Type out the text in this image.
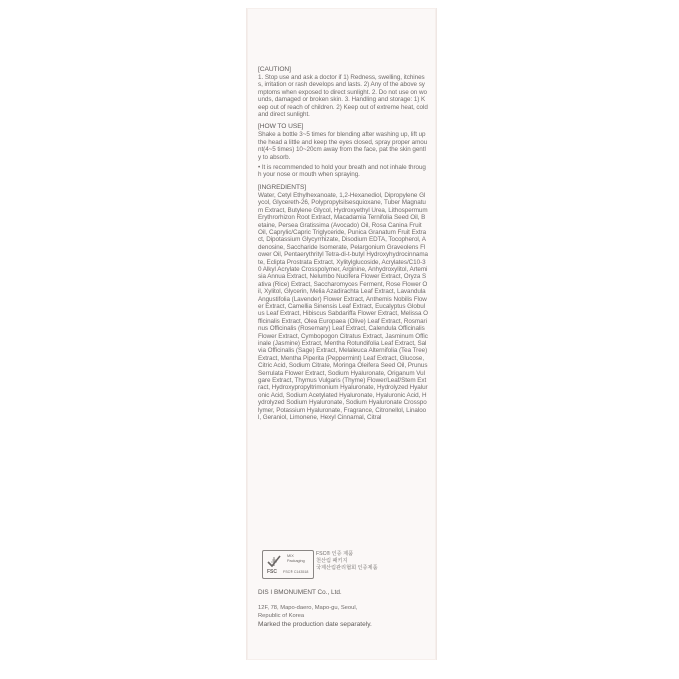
[CAUTION]

1. Stop use and ask a doctor if 1) Redness, swelling, itchiness, irritation or rash develops and lasts. 2) Any of the above symptoms when exposed to direct sunlight. 2. Do not use on wounds, damaged or broken skin. 3. Handling and storage: 1) Keep out of reach of children. 2) Keep out of extreme heat, cold and direct sunlight.

[HOW TO USE]

Shake a bottle 3~5 times for blending after washing up, lift up the head a little and keep the eyes closed, spray proper amount(4~5 times) 10~20cm away from the face, pat the skin gently to absorb.

• It is recommended to hold your breath and not inhale through your nose or mouth when spraying.

[INGREDIENTS]

Water, Cetyl Ethylhexanoate, 1,2-Hexanediol, Dipropylene Glycol, Glycereth-26, Polypropylsilsesquioxane, Tuber Magnatum Extract, Butylene Glycol, Hydroxyethyl Urea, Lithospermum Erythrorhizon Root Extract, Macadamia Ternifolia Seed Oil, Betaine, Persea Gratissima (Avocado) Oil, Rosa Canina Fruit Oil, Caprylic/Capric Triglyceride, Punica Granatum Fruit Extract, Dipotassium Glycyrrhizate, Disodium EDTA, Tocopherol, Adenosine, Saccharide Isomerate, Pelargonium Graveolens Flower Oil, Pentaerythrityl Tetra-di-t-butyl Hydroxyhydrocinnamate, Eclipta Prostrata Extract, Xylitylglucoside, Acrylates/C10-30 Alkyl Acrylate Crosspolymer, Arginine, Anhydroxylitol, Artemisia Annua Extract, Nelumbo Nucifera Flower Extract, Oryza Sativa (Rice) Extract, Saccharomyces Ferment, Rose Flower Oil, Xylitol, Glycerin, Melia Azadirachta Leaf Extract, Lavandula Angustifolia (Lavender) Flower Extract, Anthemis Nobilis Flower Extract, Camellia Sinensis Leaf Extract, Eucalyptus Globulus Leaf Extract, Hibiscus Sabdariffa Flower Extract, Melissa Officinalis Extract, Olea Europaea (Olive) Leaf Extract, Rosmarinus Officinalis (Rosemary) Leaf Extract, Calendula Officinalis Flower Extract, Cymbopogon Citratus Extract, Jasminum Officinale (Jasmine) Extract, Mentha Rotundifolia Leaf Extract, Salvia Officinalis (Sage) Extract, Melaleuca Alternifolia (Tea Tree) Extract, Mentha Piperita (Peppermint) Leaf Extract, Glucose, Citric Acid, Sodium Citrate, Moringa Oleifera Seed Oil, Prunus Serrulata Flower Extract, Sodium Hyaluronate, Origanum Vulgare Extract, Thymus Vulgaris (Thyme) Flower/Leaf/Stem Extract, Hydroxypropyltrimonium Hyaluronate, Hydrolyzed Hyaluronic Acid, Sodium Acetylated Hyaluronate, Hyaluronic Acid, Hydrolyzed Sodium Hyaluronate, Sodium Hyaluronate Crosspolymer, Potassium Hyaluronate, Fragrance, Citronellol, Linalool, Geraniol, Limonene, Hexyl Cinnamal, Citral

FSC
MIX
Packaging
FSC® C143518
FSC® 인증 제품
천산림 패키지
국제산림관리협회 인증제품
DIS I BMONUMENT Co., Ltd.
12F, 78, Mapo-daero, Mapo-gu, Seoul,
Republic of Korea
Marked the production date separately.
